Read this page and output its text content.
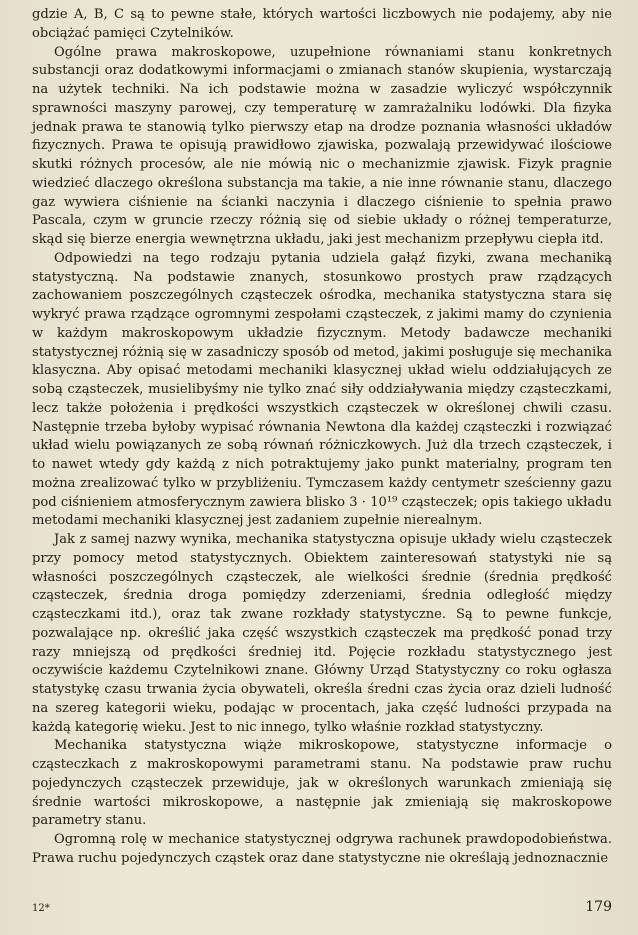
gdzie A, B, C są to pewne stałe, których wartości liczbowych nie podajemy, aby nie obciążać pamięci Czytelników.

Ogólne prawa makroskopowe, uzupełnione równaniami stanu konkretnych substancji oraz dodatkowymi informacjami o zmianach stanów skupienia, wystarczają na użytek techniki. Na ich podstawie można w zasadzie wyliczyć współczynnik sprawności maszyny parowej, czy temperaturę w zamrażalniku lodówki. Dla fizyka jednak prawa te stanowią tylko pierwszy etap na drodze poznania własności układów fizycznych. Prawa te opisują prawidłowo zjawiska, pozwalają przewidywać ilościowe skutki różnych procesów, ale nie mówią nic o mechanizmie zjawisk. Fizyk pragnie wiedzieć dlaczego określona substancja ma takie, a nie inne równanie stanu, dlaczego gaz wywiera ciśnienie na ścianki naczynia i dlaczego ciśnienie to spełnia prawo Pascala, czym w gruncie rzeczy różnią się od siebie układy o różnej temperaturze, skąd się bierze energia wewnętrzna układu, jaki jest mechanizm przepływu ciepła itd.

Odpowiedzi na tego rodzaju pytania udziela gałąź fizyki, zwana mechaniką statystyczną. Na podstawie znanych, stosunkowo prostych praw rządzących zachowaniem poszczególnych cząsteczek ośrodka, mechanika statystyczna stara się wykryć prawa rządzące ogromnymi zespołami cząsteczek, z jakimi mamy do czynienia w każdym makroskopowym układzie fizycznym. Metody badawcze mechaniki statystycznej różnią się w zasadniczy sposób od metod, jakimi posługuje się mechanika klasyczna. Aby opisać metodami mechaniki klasycznej układ wielu oddziałujących ze sobą cząsteczek, musielibyśmy nie tylko znać siły oddziaływania między cząsteczkami, lecz także położenia i prędkości wszystkich cząsteczek w określonej chwili czasu. Następnie trzeba byłoby wypisać równania Newtona dla każdej cząsteczki i rozwiązać układ wielu powiązanych ze sobą równań różniczkowych. Już dla trzech cząsteczek, i to nawet wtedy gdy każdą z nich potraktujemy jako punkt materialny, program ten można zrealizować tylko w przybliżeniu. Tymczasem każdy centymetr sześcienny gazu pod ciśnieniem atmosferycznym zawiera blisko 3 · 10¹⁹ cząsteczek; opis takiego układu metodami mechaniki klasycznej jest zadaniem zupełnie nierealnym.

Jak z samej nazwy wynika, mechanika statystyczna opisuje układy wielu cząsteczek przy pomocy metod statystycznych. Obiektem zainteresowań statystyki nie są własności poszczególnych cząsteczek, ale wielkości średnie (średnia prędkość cząsteczek, średnia droga pomiędzy zderzeniami, średnia odległość między cząsteczkami itd.), oraz tak zwane rozkłady statystyczne. Są to pewne funkcje, pozwalające np. określić jaka część wszystkich cząsteczek ma prędkość ponad trzy razy mniejszą od prędkości średniej itd. Pojęcie rozkładu statystycznego jest oczywiście każdemu Czytelnikowi znane. Główny Urząd Statystyczny co roku ogłasza statystykę czasu trwania życia obywateli, określa średni czas życia oraz dzieli ludność na szereg kategorii wieku, podając w procentach, jaka część ludności przypada na każdą kategorię wieku. Jest to nic innego, tylko właśnie rozkład statystyczny.

Mechanika statystyczna wiąże mikroskopowe, statystyczne informacje o cząsteczkach z makroskopowymi parametrami stanu. Na podstawie praw ruchu pojedynczych cząsteczek przewiduje, jak w określonych warunkach zmieniają się średnie wartości mikroskopowe, a następnie jak zmieniają się makroskopowe parametry stanu.

Ogromną rolę w mechanice statystycznej odgrywa rachunek prawdopodobieństwa. Prawa ruchu pojedynczych cząstek oraz dane statystyczne nie określają jednoznacznie

12*	179
